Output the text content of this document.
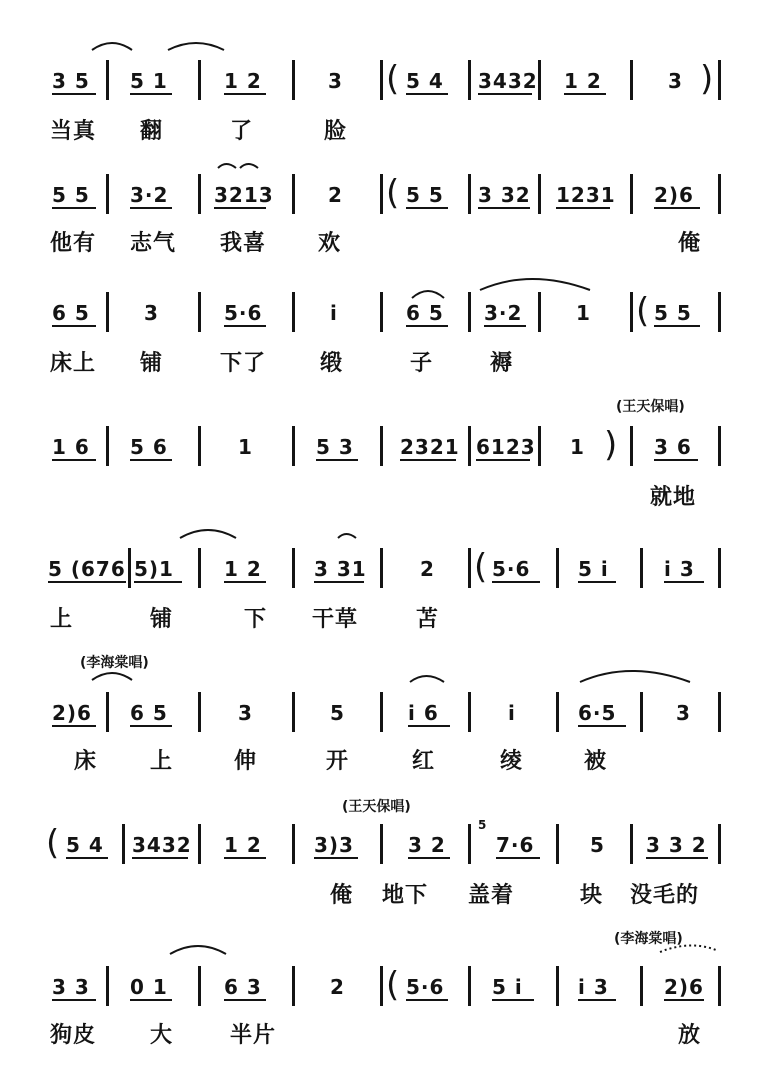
3 5 5 1	1 2	3 ( 5 4 3432 1 2	3 )
当真 翻	了	脸
5 5 3·2 3213	2 ( 5 5 3 32 1231 2)6
他有 志气 我喜 欢	俺
6 5	3	5·6	i	6 5 3·2	1 ( 5 5
床上 铺	下了 缎	子	褥
(王天保唱)
1 6 5 6	1	5 3 2321 6123 1 ) 3 6
就地
5 (676 5)1	1 2	3 31	2 ( 5·6 5 i	i 3
上	铺	下 干草	苫
(李海棠唱)
2)6 6 5	3	5	i 6	i	6·5	3
床 上	伸	开	红	绫	被
(王天保唱)
( 5 4 3432 1 2	3)3	3 2
5
7·6	5 3 3 2
俺 地下 盖着	块 没毛的
(李海棠唱)
3 3 0 1	6 3	2 ( 5·6 5 i	i 3	2)6
狗皮 大	半片	放
